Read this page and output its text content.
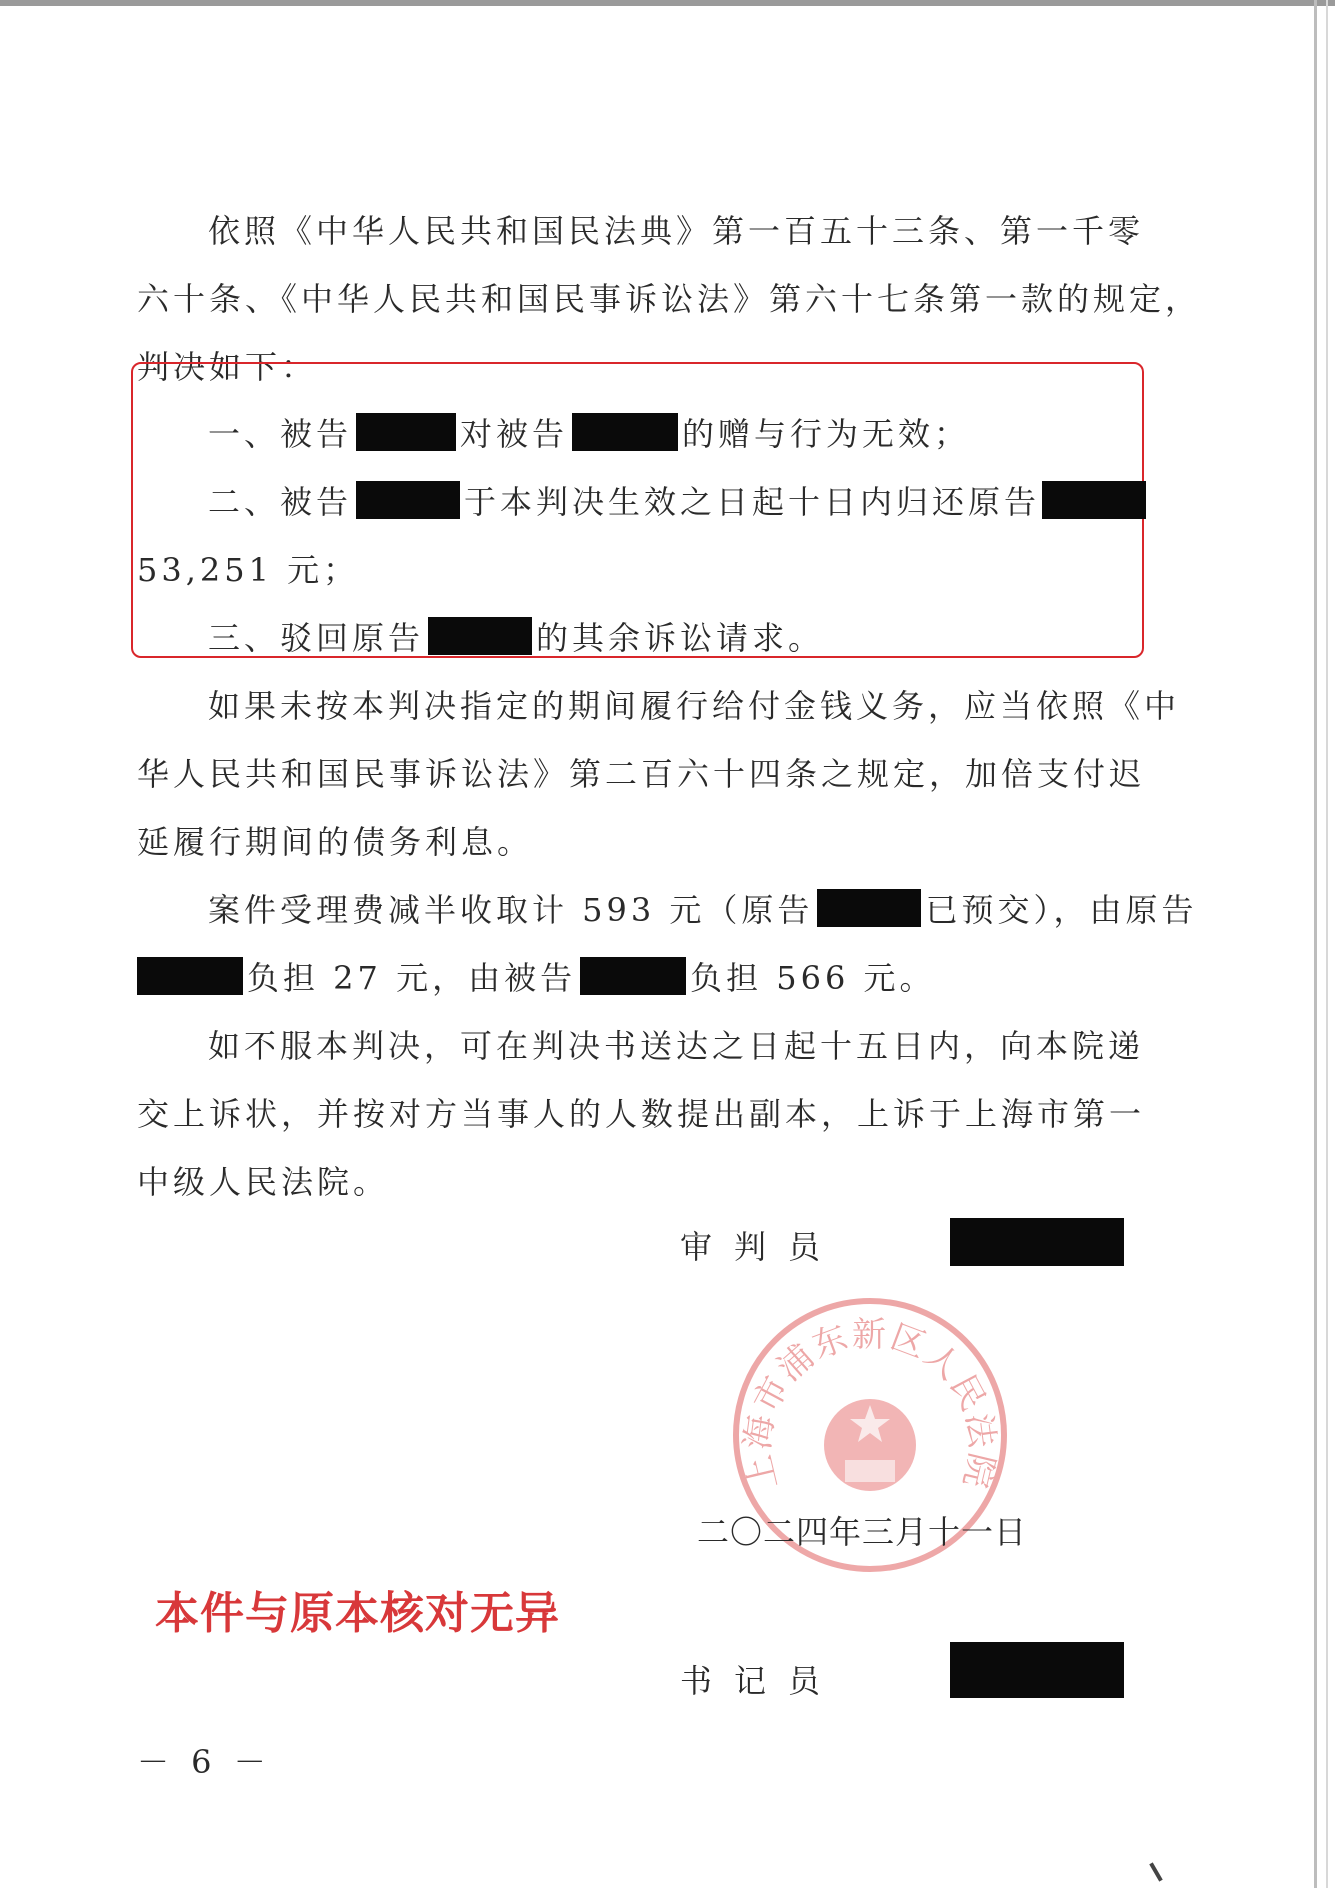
依照《中华人民共和国民法典》第一百五十三条、第一千零
六十条、《中华人民共和国民事诉讼法》第六十七条第一款的规定，
判决如下：
一、被告	对被告	的赠与行为无效；
二、被告	于本判决生效之日起十日内归还原告
53,251 元；
三、驳回原告	的其余诉讼请求。
如果未按本判决指定的期间履行给付金钱义务，应当依照《中
华人民共和国民事诉讼法》第二百六十四条之规定，加倍支付迟
延履行期间的债务利息。
案件受理费减半收取计 593 元（原告	已预交），由原告
负担 27 元，由被告	负担 566 元。
如不服本判决，可在判决书送达之日起十五日内，向本院递
交上诉状，并按对方当事人的人数提出副本，上诉于上海市第一
中级人民法院。
上海市浦东新区人民法院
审判员
二〇二四年三月十一日
本件与原本核对无异
书记员
－ 6 －
